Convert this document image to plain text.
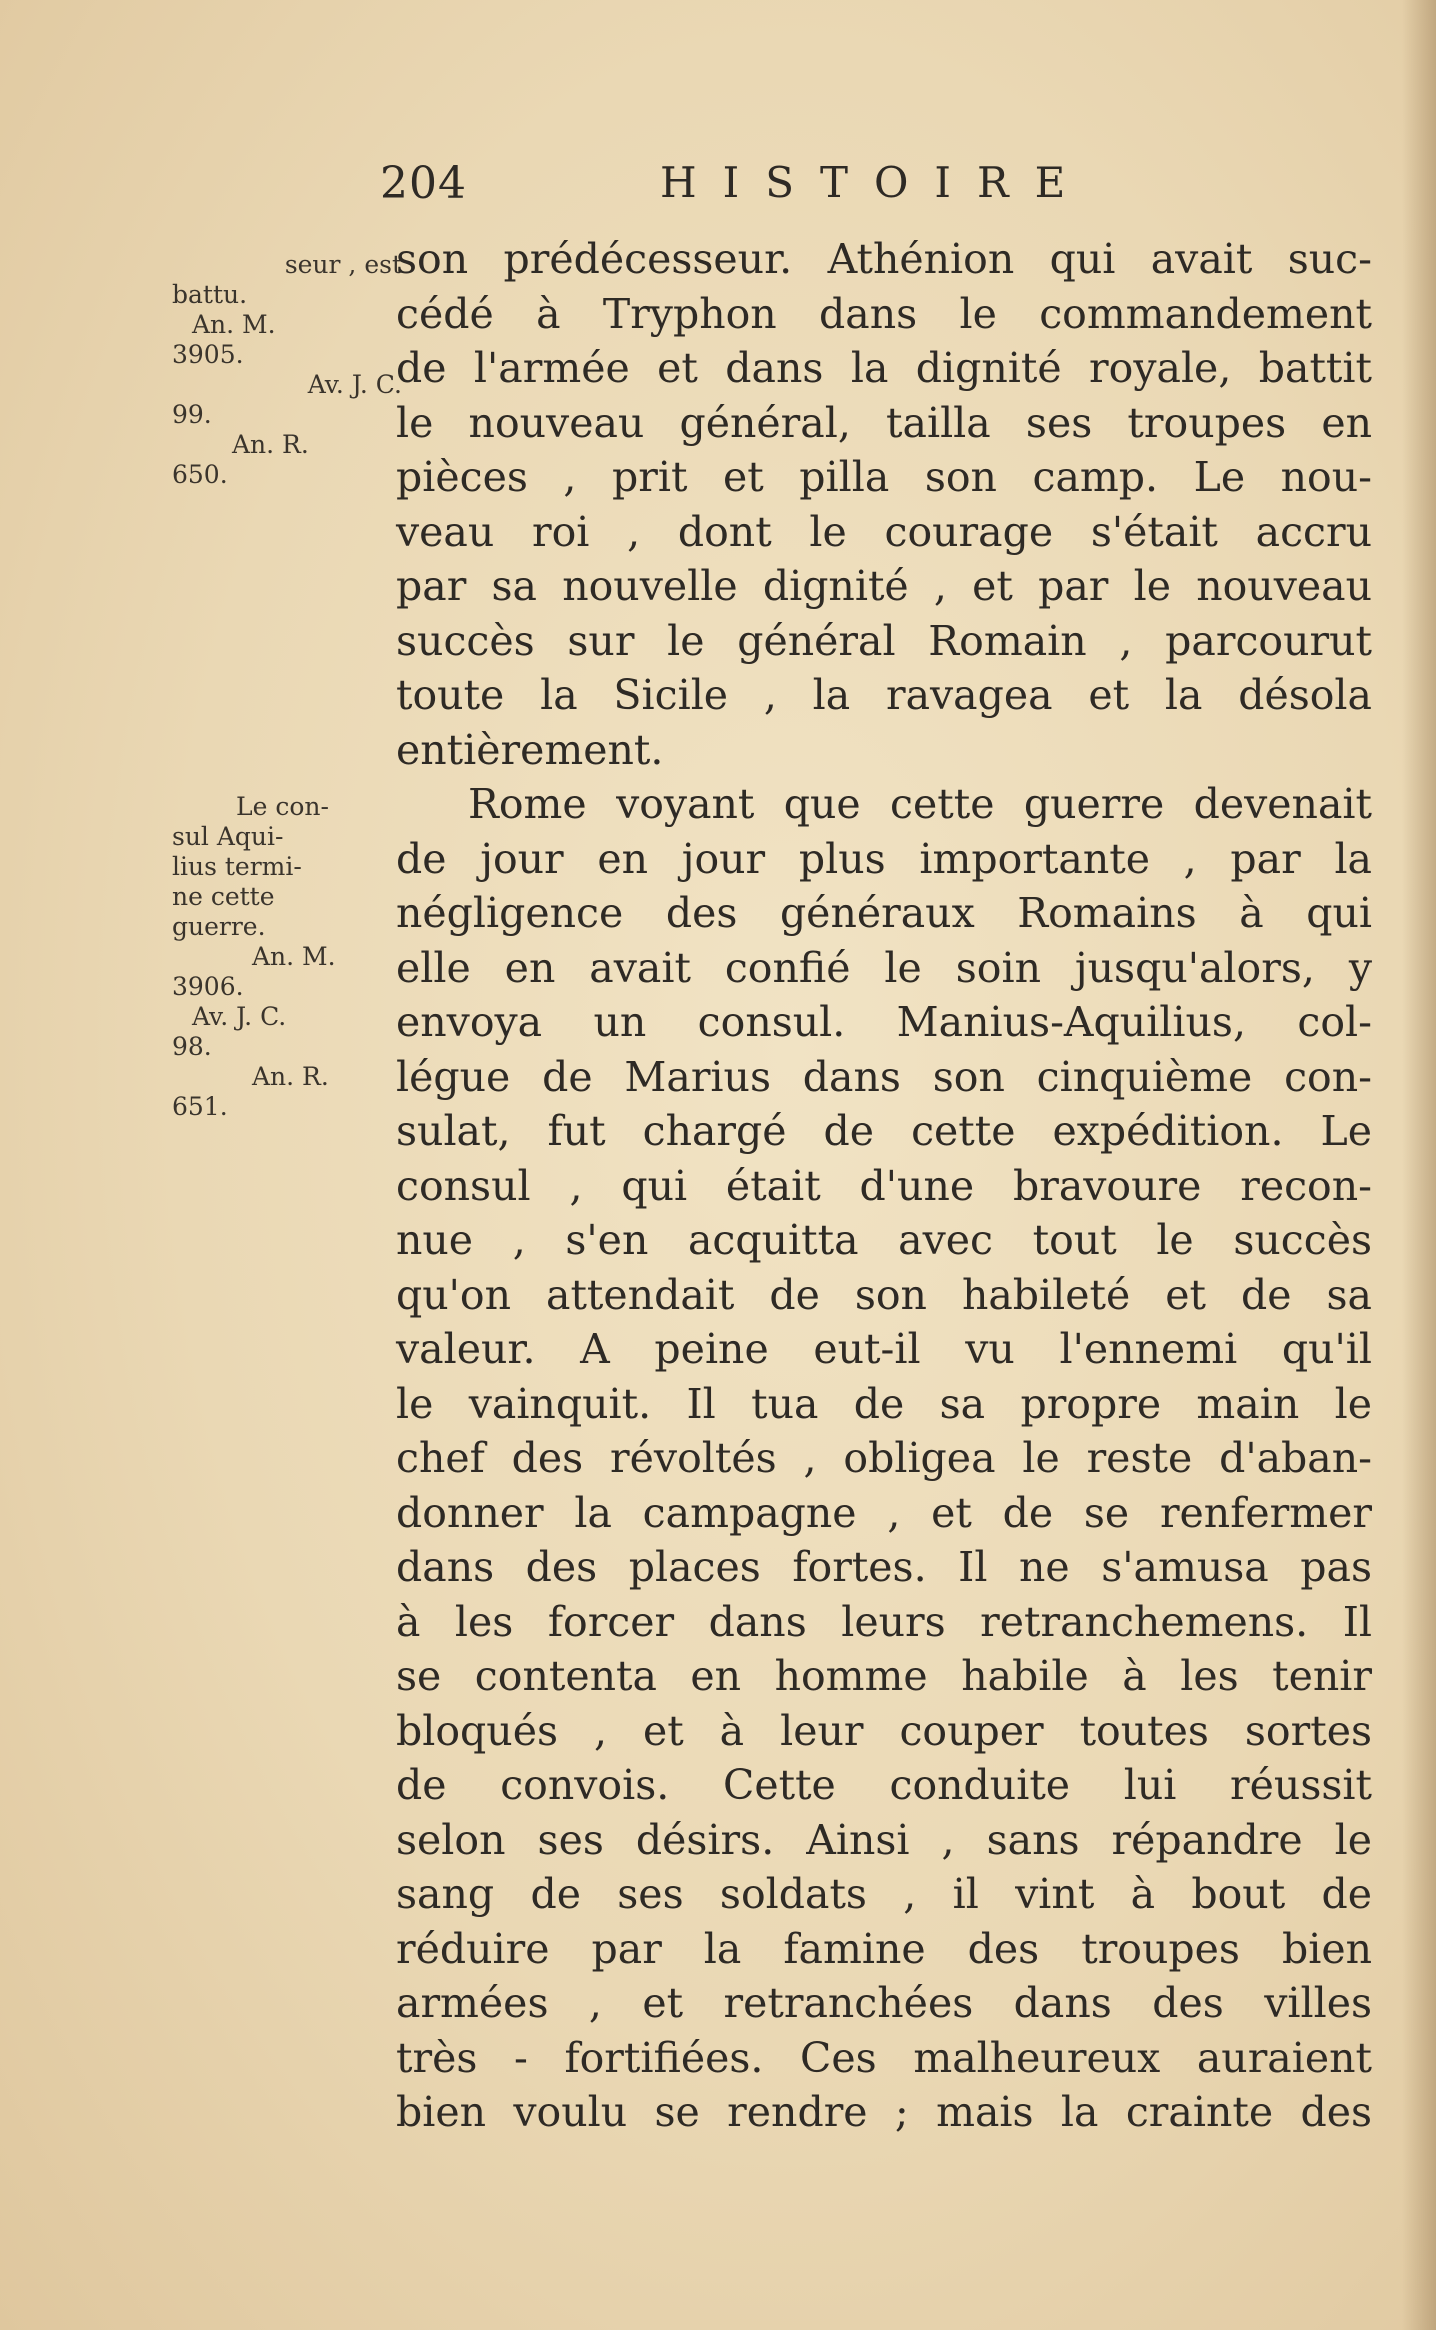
204	HISTOIRE
seur , est
battu.
An. M.
3905.
Av. J. C.
99.
An. R.
650.
Le con-
sul Aqui-
lius termi-
ne cette
guerre.
An. M.
3906.
Av. J. C.
98.
An. R.
651.
son prédécesseur. Athénion qui avait suc-
cédé à Tryphon dans le commandement
de l'armée et dans la dignité royale, battit
le nouveau général, tailla ses troupes en
pièces , prit et pilla son camp. Le nou-
veau roi , dont le courage s'était accru
par sa nouvelle dignité , et par le nouveau
succès sur le général Romain , parcourut
toute la Sicile , la ravagea et la désola
entièrement.
Rome voyant que cette guerre devenait
de jour en jour plus importante , par la
négligence des généraux Romains à qui
elle en avait confié le soin jusqu'alors, y
envoya un consul. Manius-Aquilius, col-
légue de Marius dans son cinquième con-
sulat, fut chargé de cette expédition. Le
consul , qui était d'une bravoure recon-
nue , s'en acquitta avec tout le succès
qu'on attendait de son habileté et de sa
valeur. A peine eut-il vu l'ennemi qu'il
le vainquit. Il tua de sa propre main le
chef des révoltés , obligea le reste d'aban-
donner la campagne , et de se renfermer
dans des places fortes. Il ne s'amusa pas
à les forcer dans leurs retranchemens. Il
se contenta en homme habile à les tenir
bloqués , et à leur couper toutes sortes
de convois. Cette conduite lui réussit
selon ses désirs. Ainsi , sans répandre le
sang de ses soldats , il vint à bout de
réduire par la famine des troupes bien
armées , et retranchées dans des villes
très - fortifiées. Ces malheureux auraient
bien voulu se rendre ; mais la crainte des
